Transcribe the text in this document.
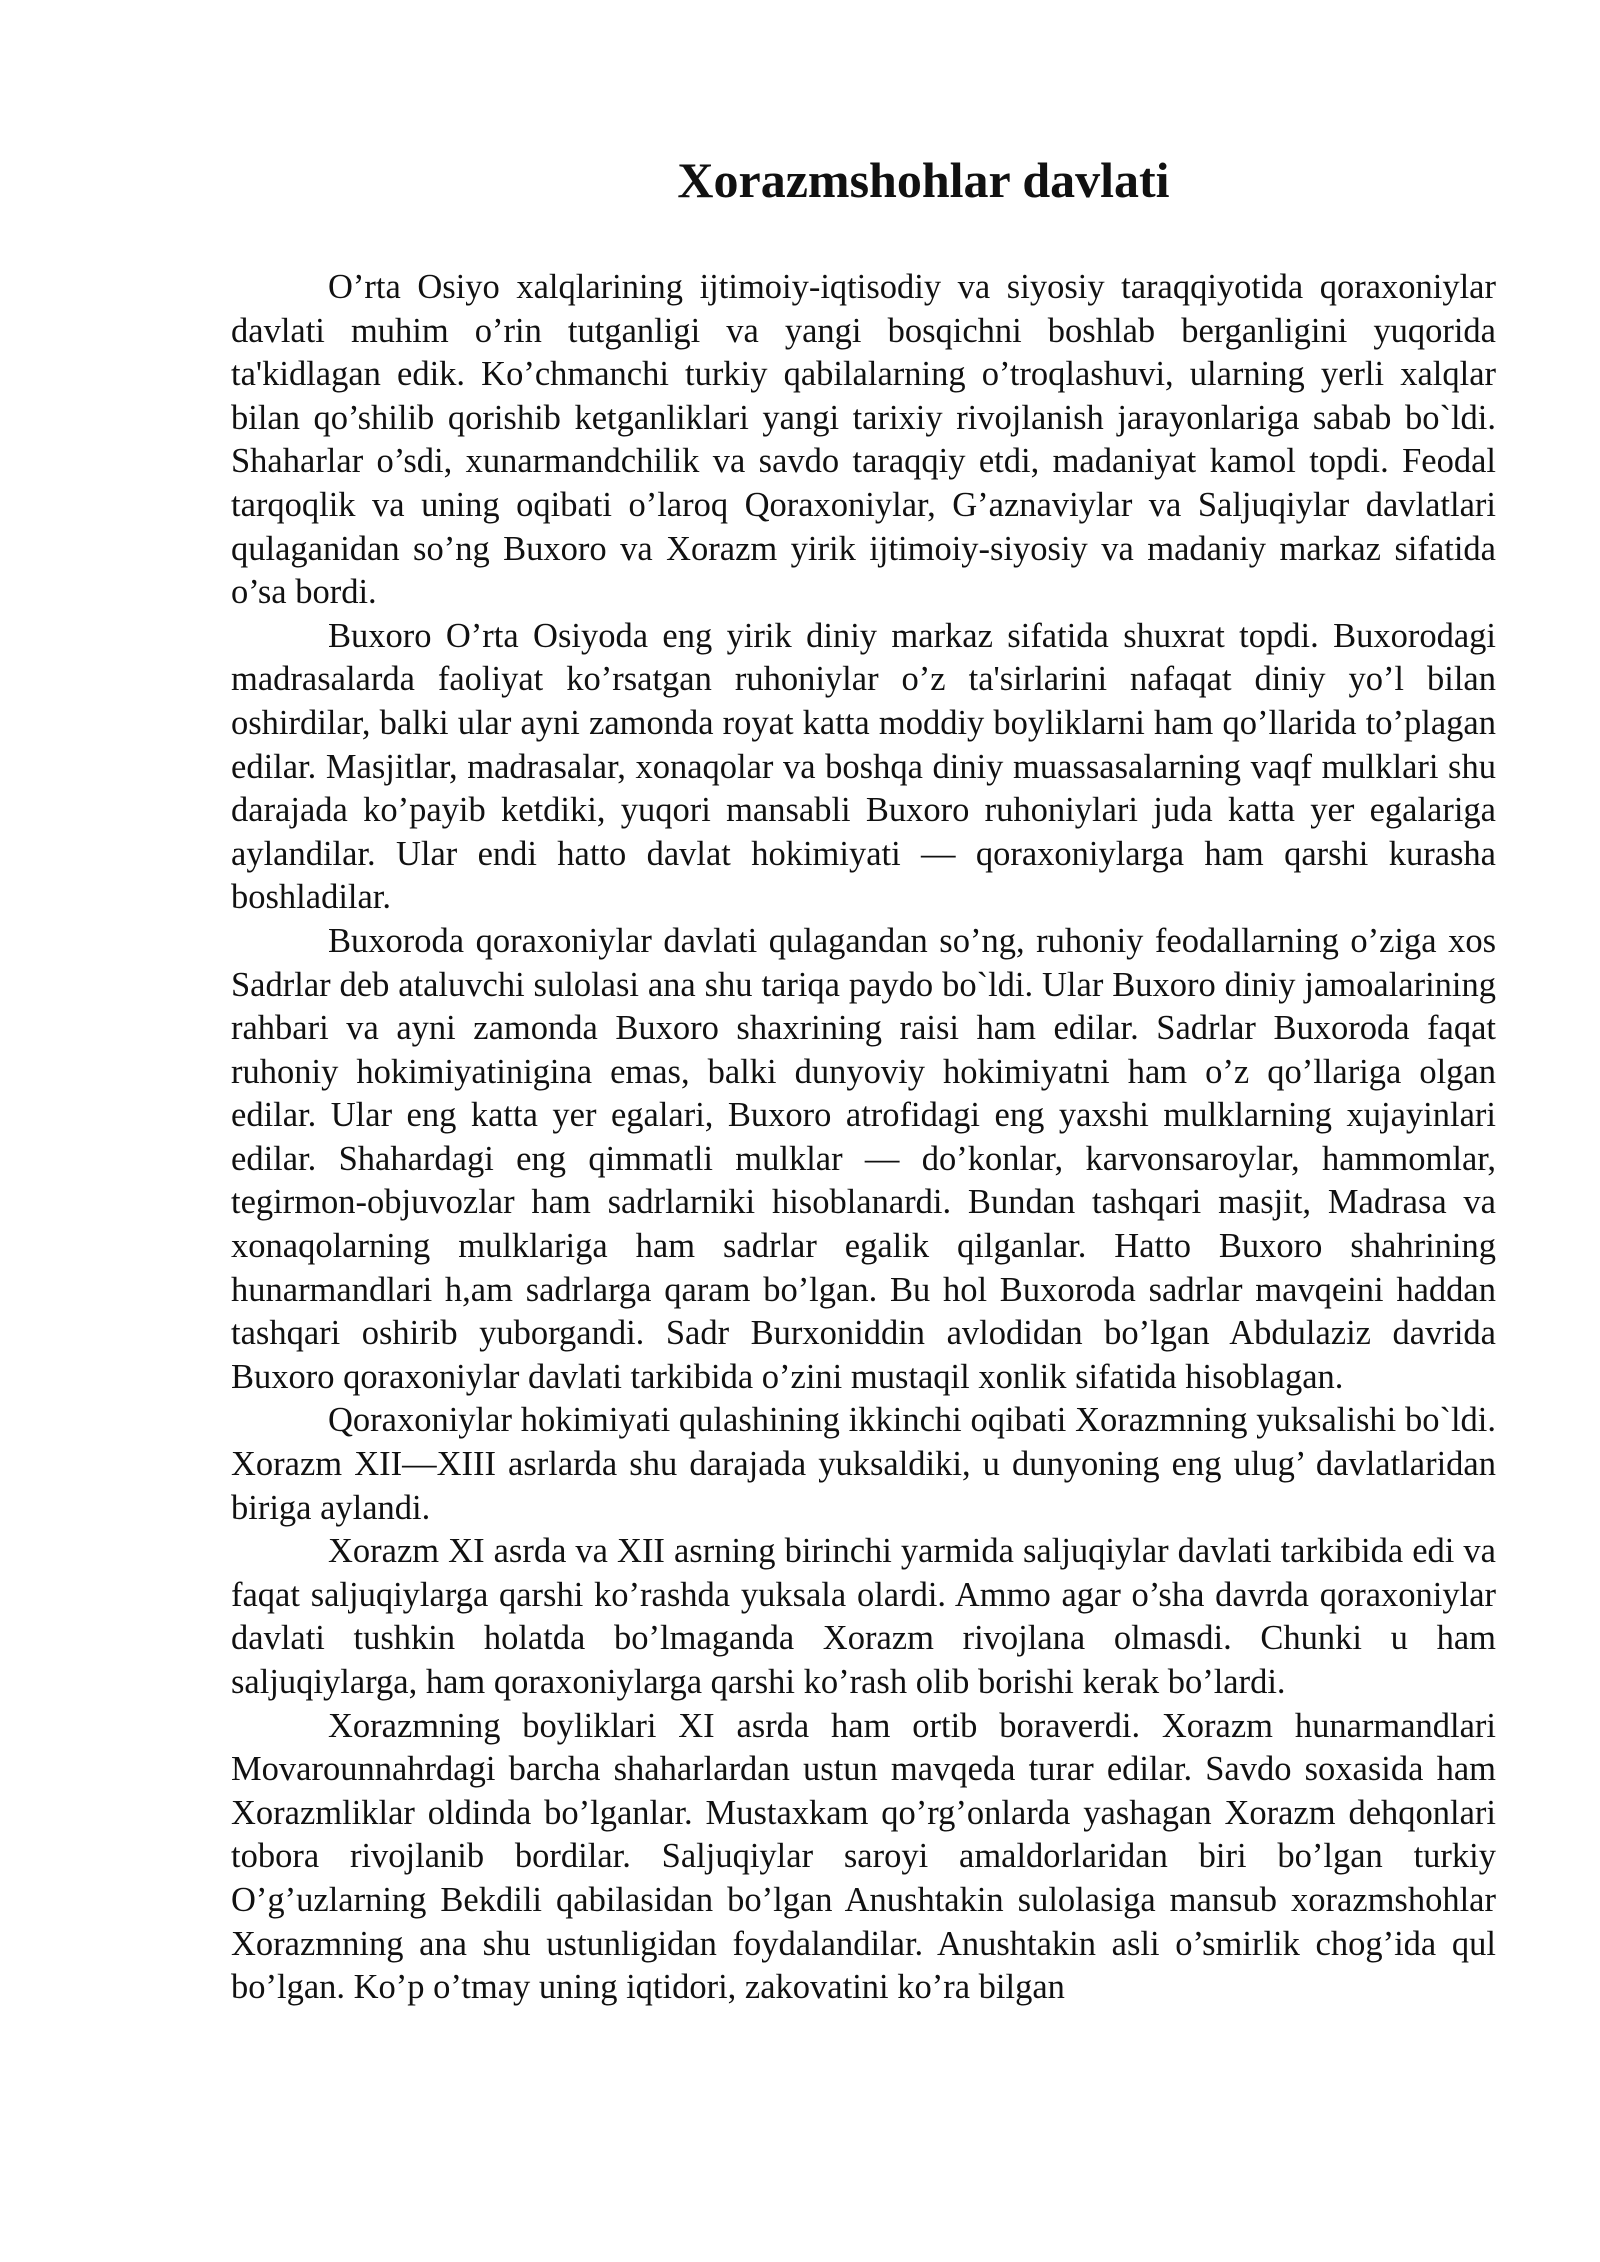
Xorazmshohlar davlati

O’rta Osiyo xalqlarining ijtimoiy-iqtisodiy va siyosiy taraqqiyotida qoraxoniylar davlati muhim o’rin tutganligi va yangi bosqichni boshlab berganligini yuqorida ta'kidlagan edik. Ko’chmanchi turkiy qabilalarning o’troqlashuvi, ularning yerli xalqlar bilan qo’shilib qorishib ketganliklari yangi tarixiy rivojlanish jarayonlariga sabab bo`ldi. Shaharlar o’sdi, xunarmandchilik va savdo taraqqiy etdi, madaniyat kamol topdi. Feodal tarqoqlik va uning oqibati o’laroq Qoraxoniylar, G’aznaviylar va Saljuqiylar davlatlari qulaganidan so’ng Buxoro va Xorazm yirik ijtimoiy-siyosiy va madaniy markaz sifatida o’sa bordi.

Buxoro O’rta Osiyoda eng yirik diniy markaz sifatida shuxrat topdi. Buxorodagi madrasalarda faoliyat ko’rsatgan ruhoniylar o’z ta'sirlarini nafaqat diniy yo’l bilan oshirdilar, balki ular ayni zamonda royat katta moddiy boyliklarni ham qo’llarida to’plagan edilar. Masjitlar, madrasalar, xonaqolar va boshqa diniy muassasalarning vaqf mulklari shu darajada ko’payib ketdiki, yuqori mansabli Buxoro ruhoniylari juda katta yer egalariga aylandilar. Ular endi hatto davlat hokimiyati — qoraxoniylarga ham qarshi kurasha boshladilar.

Buxoroda qoraxoniylar davlati qulagandan so’ng, ruhoniy feodallarning o’ziga xos Sadrlar deb ataluvchi sulolasi ana shu tariqa paydo bo`ldi. Ular Buxoro diniy jamoalarining rahbari va ayni zamonda Buxoro shaxrining raisi ham edilar. Sadrlar Buxoroda faqat ruhoniy hokimiyatinigina emas, balki dunyoviy hokimiyatni ham o’z qo’llariga olgan edilar. Ular eng katta yer egalari, Buxoro atrofidagi eng yaxshi mulklarning xujayinlari edilar. Shahardagi eng qimmatli mulklar — do’konlar, karvonsaroylar, hammomlar, tegirmon-objuvozlar ham sadrlarniki hisoblanardi. Bundan tashqari masjit, Madrasa va xonaqolarning mulklariga ham sadrlar egalik qilganlar. Hatto Buxoro shahrining hunarmandlari h,am sadrlarga qaram bo’lgan. Bu hol Buxoroda sadrlar mavqeini haddan tashqari oshirib yuborgandi. Sadr Burxoniddin avlodidan bo’lgan Abdulaziz davrida Buxoro qoraxoniylar davlati tarkibida o’zini mustaqil xonlik sifatida hisoblagan.

Qoraxoniylar hokimiyati qulashining ikkinchi oqibati Xorazmning yuksalishi bo`ldi. Xorazm XII—XIII asrlarda shu darajada yuksaldiki, u dunyoning eng ulug’ davlatlaridan biriga aylandi.

Xorazm XI asrda va XII asrning birinchi yarmida saljuqiylar davlati tarkibida edi va faqat saljuqiylarga qarshi ko’rashda yuksala olardi. Ammo agar o’sha davrda qoraxoniylar davlati tushkin holatda bo’lmaganda Xorazm rivojlana olmasdi. Chunki u ham saljuqiylarga, ham qoraxoniylarga qarshi ko’rash olib borishi kerak bo’lardi.

Xorazmning boyliklari XI asrda ham ortib boraverdi. Xorazm hunarmandlari Movarounnahrdagi barcha shaharlardan ustun mavqeda turar edilar. Savdo soxasida ham Xorazmliklar oldinda bo’lganlar. Mustaxkam qo’rg’onlarda yashagan Xorazm dehqonlari tobora rivojlanib bordilar. Saljuqiylar saroyi amaldorlaridan biri bo’lgan turkiy O’g’uzlarning Bekdili qabilasidan bo’lgan Anushtakin sulolasiga mansub xorazmshohlar Xorazmning ana shu ustunligidan foydalandilar. Anushtakin asli o’smirlik chog’ida qul bo’lgan. Ko’p o’tmay uning iqtidori, zakovatini ko’ra bilgan
